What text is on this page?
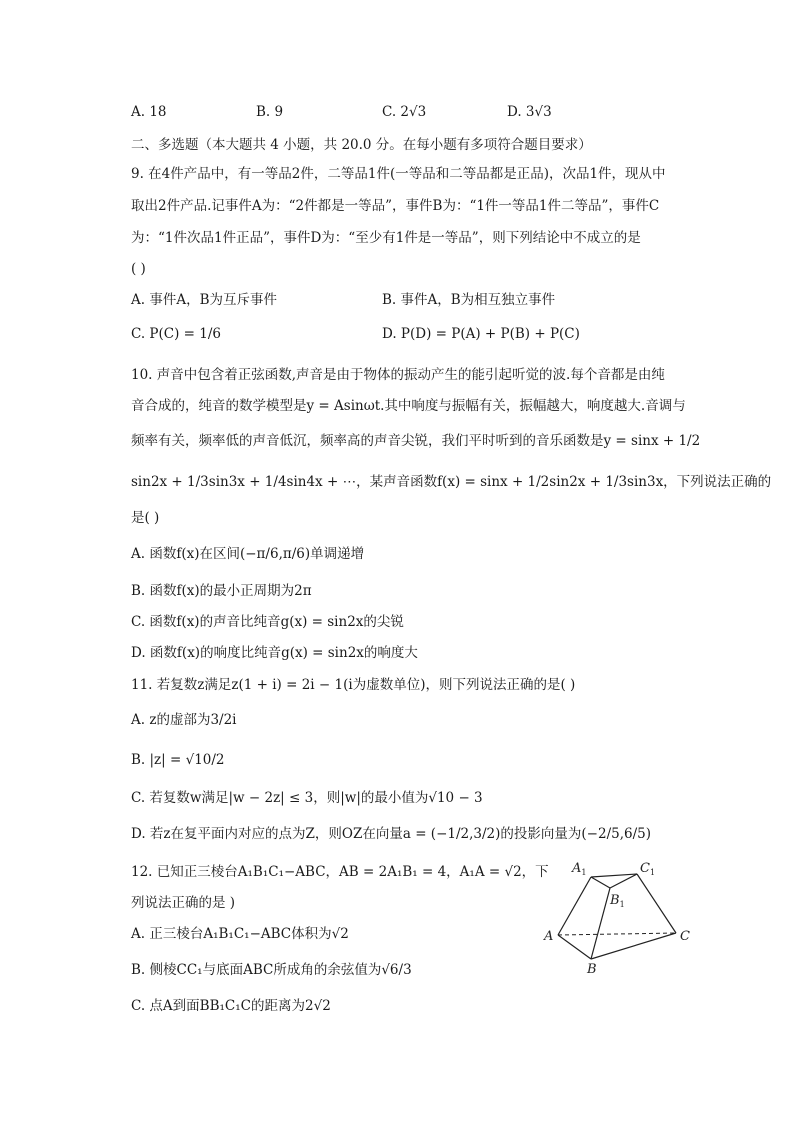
A. 18	B. 9	C. 2√3	D. 3√3
二、多选题（本大题共 4 小题，共 20.0 分。在每小题有多项符合题目要求）
9. 在4件产品中，有一等品2件，二等品1件(一等品和二等品都是正品)，次品1件，现从中
取出2件产品.记事件A为：“2件都是一等品”，事件B为：“1件一等品1件二等品”，事件C
为：“1件次品1件正品”，事件D为：“至少有1件是一等品”，则下列结论中不成立的是
( )
A. 事件A，B为互斥事件	B. 事件A，B为相互独立事件
C. P(C) = 1/6	D. P(D) = P(A) + P(B) + P(C)
10. 声音中包含着正弦函数,声音是由于物体的振动产生的能引起听觉的波.每个音都是由纯
音合成的，纯音的数学模型是y = Asinωt.其中响度与振幅有关，振幅越大，响度越大.音调与
频率有关，频率低的声音低沉，频率高的声音尖锐，我们平时听到的音乐函数是y = sinx + 1/2
sin2x + 1/3sin3x + 1/4sin4x + ⋯，某声音函数f(x) = sinx + 1/2sin2x + 1/3sin3x，下列说法正确的
是( )
A. 函数f(x)在区间(−π/6,π/6)单调递增
B. 函数f(x)的最小正周期为2π
C. 函数f(x)的声音比纯音g(x) = sin2x的尖锐
D. 函数f(x)的响度比纯音g(x) = sin2x的响度大
11. 若复数z满足z(1 + i) = 2i − 1(i为虚数单位)，则下列说法正确的是( )
A. z的虚部为3/2i
B. |z| = √10/2
C. 若复数w满足|w − 2z| ≤ 3，则|w|的最小值为√10 − 3
D. 若z在复平面内对应的点为Z，则OZ在向量a = (−1/2,3/2)的投影向量为(−2/5,6/5)
12. 已知正三棱台A₁B₁C₁−ABC，AB = 2A₁B₁ = 4，A₁A = √2，下
列说法正确的是 )
A. 正三棱台A₁B₁C₁−ABC体积为√2
B. 侧棱CC₁与底面ABC所成角的余弦值为√6/3
C. 点A到面BB₁C₁C的距离为2√2
$A_1$	$C_1$
$B_1$
A	C
B
